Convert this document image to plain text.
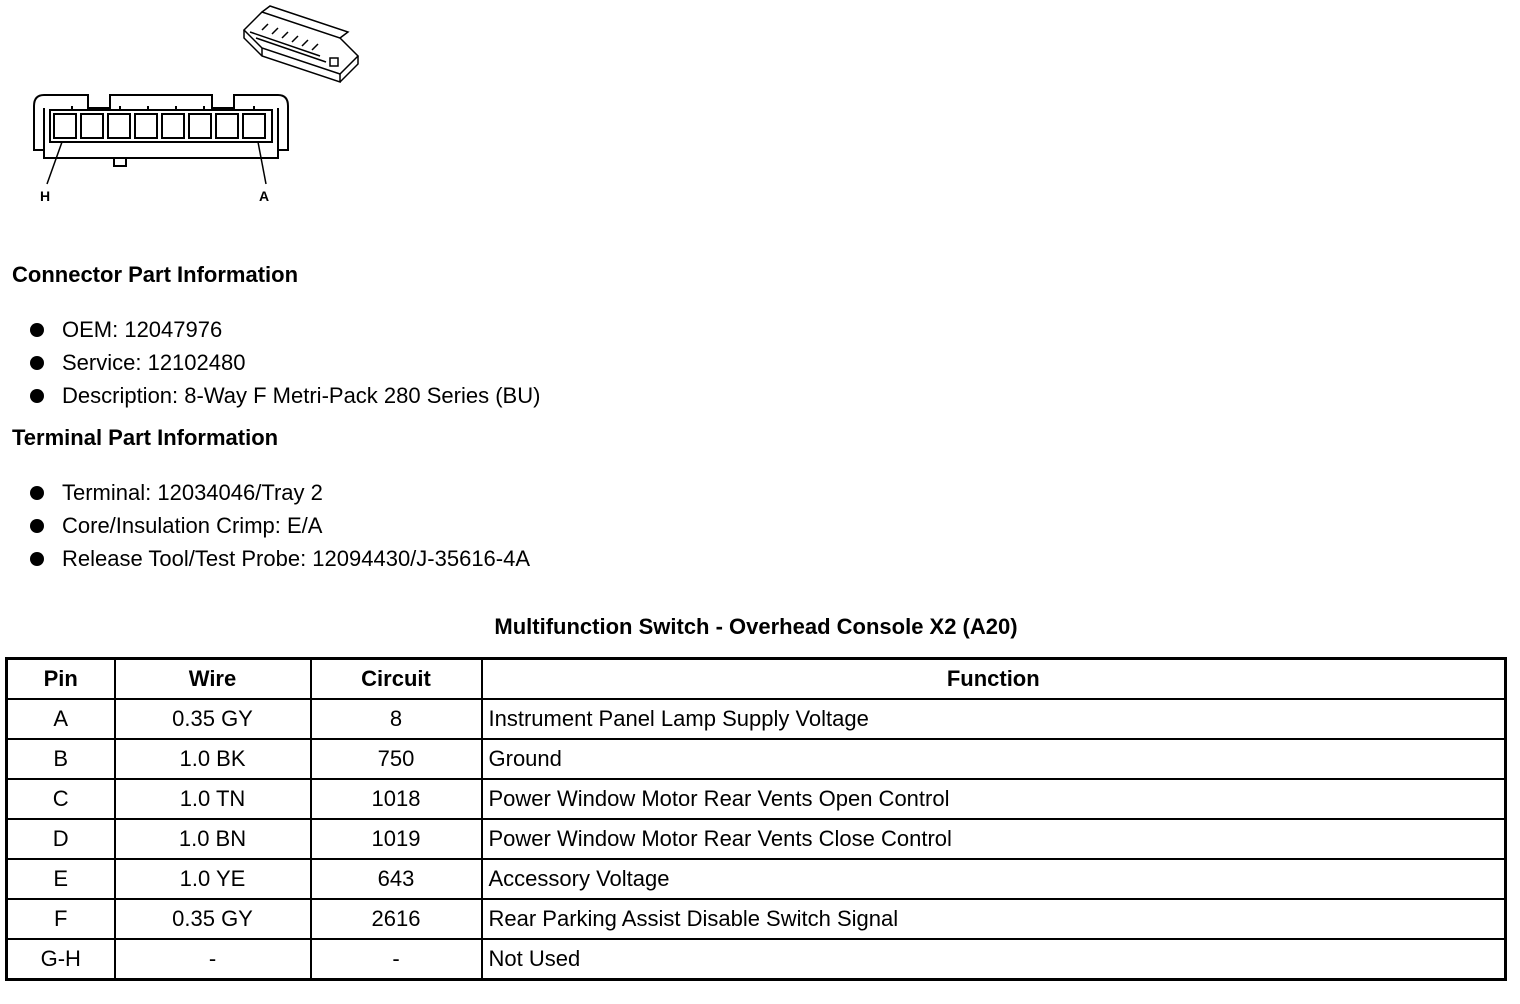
H	A
Connector Part Information
OEM: 12047976
Service: 12102480
Description: 8-Way F Metri-Pack 280 Series (BU)
Terminal Part Information
Terminal: 12034046/Tray 2
Core/Insulation Crimp: E/A
Release Tool/Test Probe: 12094430/J-35616-4A
Multifunction Switch - Overhead Console X2 (A20)
Pin	Wire	Circuit	Function
A	0.35 GY	8	Instrument Panel Lamp Supply Voltage
B	1.0 BK	750	Ground
C	1.0 TN	1018	Power Window Motor Rear Vents Open Control
D	1.0 BN	1019	Power Window Motor Rear Vents Close Control
E	1.0 YE	643	Accessory Voltage
F	0.35 GY	2616	Rear Parking Assist Disable Switch Signal
G-H	-	-	Not Used
